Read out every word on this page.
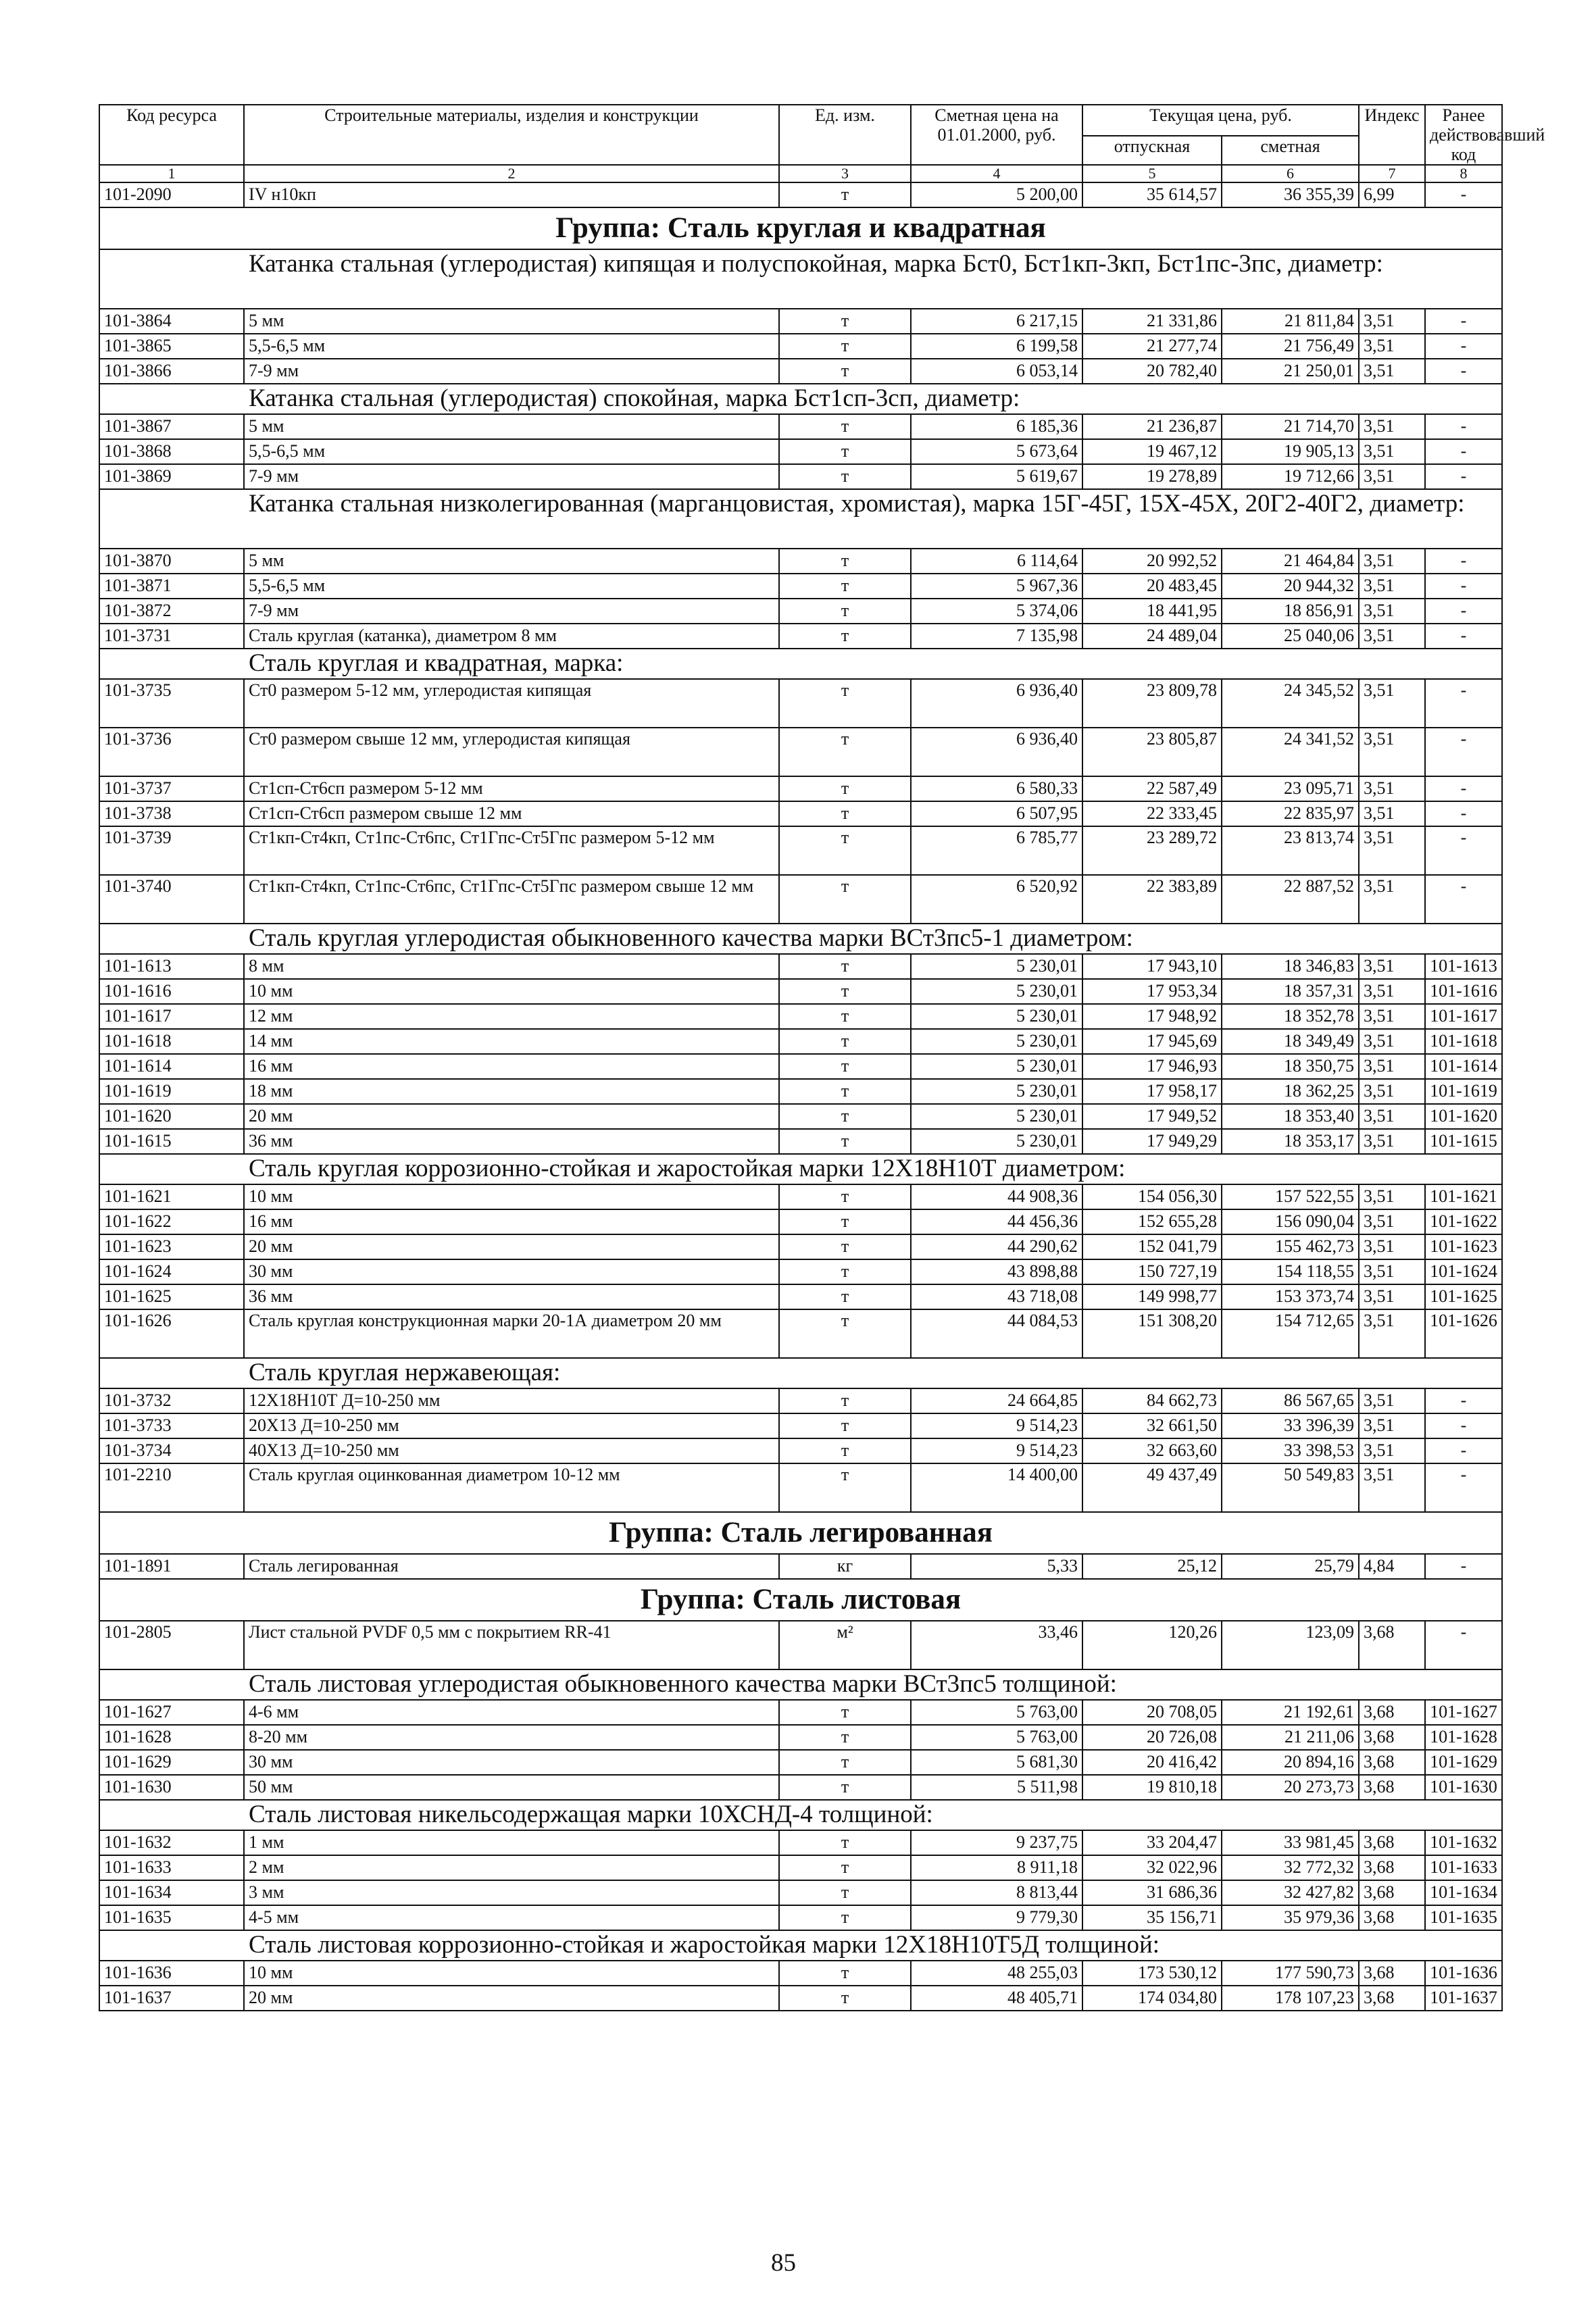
Код ресурса	Строительные материалы, изделия и конструкции	Ед. изм.	Сметная цена на 01.01.2000, руб.	Текущая цена, руб.		Индекс	Ранее действовавший код
				отпускная	сметная		
1	2	3	4	5	6	7	8
101-2090	IV н10кп	т	5 200,00	35 614,57	36 355,39	6,99	-
Группа: Сталь круглая и квадратная							
Катанка стальная (углеродистая) кипящая и полуспокойная, марка Бст0, Бст1кп-3кп, Бст1пс-3пс, диаметр:							
101-3864	5 мм	т	6 217,15	21 331,86	21 811,84	3,51	-
101-3865	5,5-6,5 мм	т	6 199,58	21 277,74	21 756,49	3,51	-
101-3866	7-9 мм	т	6 053,14	20 782,40	21 250,01	3,51	-
Катанка стальная (углеродистая) спокойная, марка Бст1сп-3сп, диаметр:							
101-3867	5 мм	т	6 185,36	21 236,87	21 714,70	3,51	-
101-3868	5,5-6,5 мм	т	5 673,64	19 467,12	19 905,13	3,51	-
101-3869	7-9 мм	т	5 619,67	19 278,89	19 712,66	3,51	-
Катанка стальная низколегированная (марганцовистая, хромистая), марка 15Г-45Г, 15Х-45Х, 20Г2-40Г2, диаметр:							
101-3870	5 мм	т	6 114,64	20 992,52	21 464,84	3,51	-
101-3871	5,5-6,5 мм	т	5 967,36	20 483,45	20 944,32	3,51	-
101-3872	7-9 мм	т	5 374,06	18 441,95	18 856,91	3,51	-
101-3731	Сталь круглая (катанка), диаметром 8 мм	т	7 135,98	24 489,04	25 040,06	3,51	-
Сталь круглая и квадратная, марка:							
101-3735	Ст0 размером 5-12 мм, углеродистая кипящая	т	6 936,40	23 809,78	24 345,52	3,51	-
101-3736	Ст0 размером свыше 12 мм, углеродистая кипящая	т	6 936,40	23 805,87	24 341,52	3,51	-
101-3737	Ст1сп-Ст6сп размером 5-12 мм	т	6 580,33	22 587,49	23 095,71	3,51	-
101-3738	Ст1сп-Ст6сп размером свыше 12 мм	т	6 507,95	22 333,45	22 835,97	3,51	-
101-3739	Ст1кп-Ст4кп, Ст1пс-Ст6пс, Ст1Гпс-Ст5Гпс размером 5-12 мм	т	6 785,77	23 289,72	23 813,74	3,51	-
101-3740	Ст1кп-Ст4кп, Ст1пс-Ст6пс, Ст1Гпс-Ст5Гпс размером свыше 12 мм	т	6 520,92	22 383,89	22 887,52	3,51	-
Сталь круглая углеродистая обыкновенного качества марки ВСт3пс5-1 диаметром:							
101-1613	8 мм	т	5 230,01	17 943,10	18 346,83	3,51	101-1613
101-1616	10 мм	т	5 230,01	17 953,34	18 357,31	3,51	101-1616
101-1617	12 мм	т	5 230,01	17 948,92	18 352,78	3,51	101-1617
101-1618	14 мм	т	5 230,01	17 945,69	18 349,49	3,51	101-1618
101-1614	16 мм	т	5 230,01	17 946,93	18 350,75	3,51	101-1614
101-1619	18 мм	т	5 230,01	17 958,17	18 362,25	3,51	101-1619
101-1620	20 мм	т	5 230,01	17 949,52	18 353,40	3,51	101-1620
101-1615	36 мм	т	5 230,01	17 949,29	18 353,17	3,51	101-1615
Сталь круглая коррозионно-стойкая и жаростойкая марки 12Х18Н10Т диаметром:							
101-1621	10 мм	т	44 908,36	154 056,30	157 522,55	3,51	101-1621
101-1622	16 мм	т	44 456,36	152 655,28	156 090,04	3,51	101-1622
101-1623	20 мм	т	44 290,62	152 041,79	155 462,73	3,51	101-1623
101-1624	30 мм	т	43 898,88	150 727,19	154 118,55	3,51	101-1624
101-1625	36 мм	т	43 718,08	149 998,77	153 373,74	3,51	101-1625
101-1626	Сталь круглая конструкционная марки 20-1А диаметром 20 мм	т	44 084,53	151 308,20	154 712,65	3,51	101-1626
Сталь круглая нержавеющая:							
101-3732	12Х18Н10Т Д=10-250 мм	т	24 664,85	84 662,73	86 567,65	3,51	-
101-3733	20Х13 Д=10-250 мм	т	9 514,23	32 661,50	33 396,39	3,51	-
101-3734	40Х13 Д=10-250 мм	т	9 514,23	32 663,60	33 398,53	3,51	-
101-2210	Сталь круглая оцинкованная диаметром 10-12 мм	т	14 400,00	49 437,49	50 549,83	3,51	-
Группа: Сталь легированная							
101-1891	Сталь легированная	кг	5,33	25,12	25,79	4,84	-
Группа: Сталь листовая							
101-2805	Лист стальной PVDF 0,5 мм с покрытием RR-41	м²	33,46	120,26	123,09	3,68	-
Сталь листовая углеродистая обыкновенного качества марки ВСт3пс5 толщиной:							
101-1627	4-6 мм	т	5 763,00	20 708,05	21 192,61	3,68	101-1627
101-1628	8-20 мм	т	5 763,00	20 726,08	21 211,06	3,68	101-1628
101-1629	30 мм	т	5 681,30	20 416,42	20 894,16	3,68	101-1629
101-1630	50 мм	т	5 511,98	19 810,18	20 273,73	3,68	101-1630
Сталь листовая никельсодержащая марки 10ХСНД-4 толщиной:							
101-1632	1 мм	т	9 237,75	33 204,47	33 981,45	3,68	101-1632
101-1633	2 мм	т	8 911,18	32 022,96	32 772,32	3,68	101-1633
101-1634	3 мм	т	8 813,44	31 686,36	32 427,82	3,68	101-1634
101-1635	4-5 мм	т	9 779,30	35 156,71	35 979,36	3,68	101-1635
Сталь листовая коррозионно-стойкая и жаростойкая марки 12Х18Н10Т5Д толщиной:							
101-1636	10 мм	т	48 255,03	173 530,12	177 590,73	3,68	101-1636
101-1637	20 мм	т	48 405,71	174 034,80	178 107,23	3,68	101-1637
85
